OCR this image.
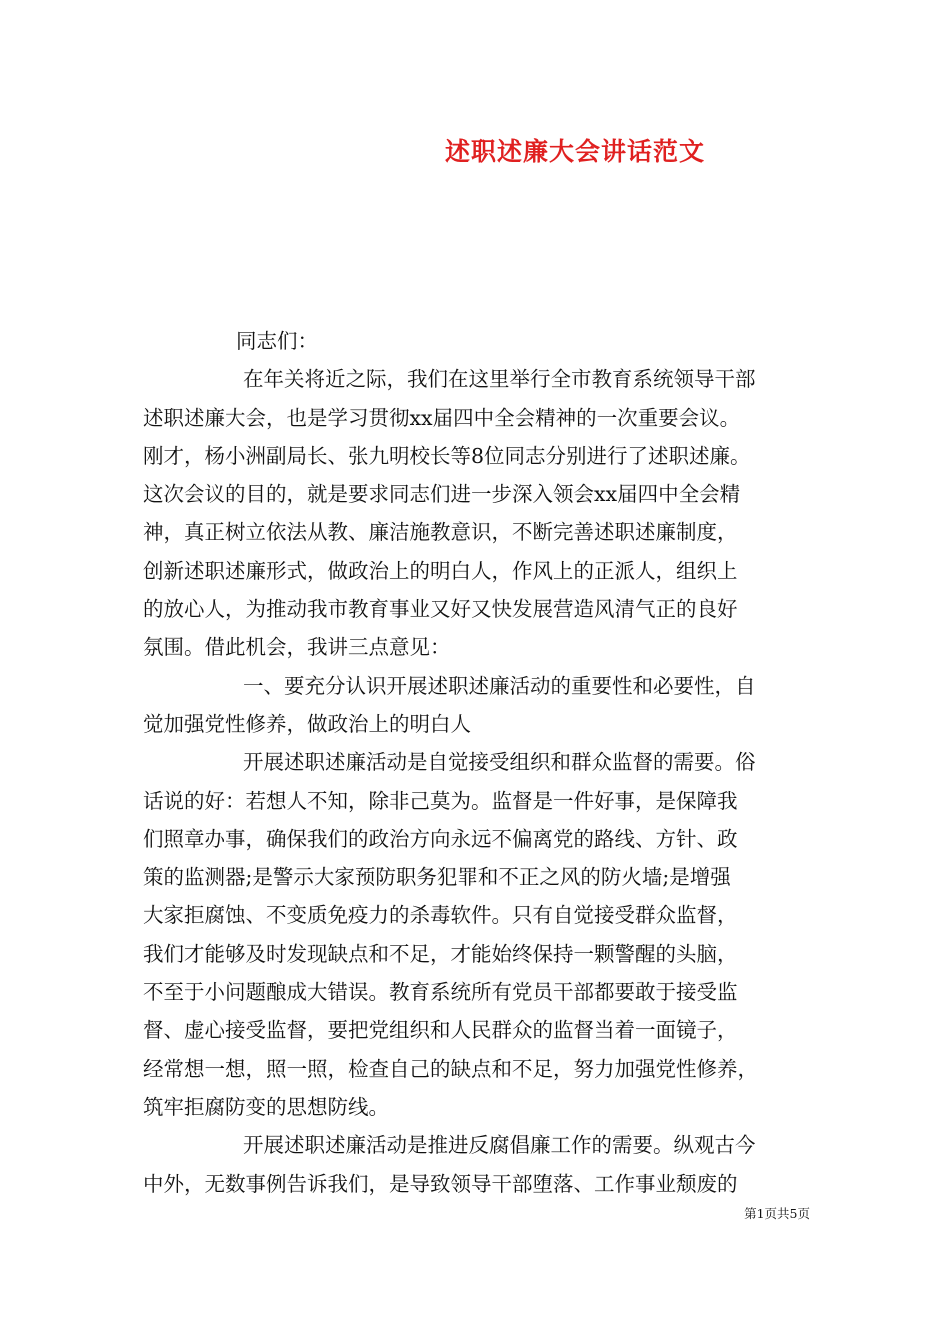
述职述廉大会讲话范文
同志们：
在年关将近之际，我们在这里举行全市教育系统领导干部
述职述廉大会，也是学习贯彻xx届四中全会精神的一次重要会议。
刚才，杨小洲副局长、张九明校长等8位同志分别进行了述职述廉。
这次会议的目的，就是要求同志们进一步深入领会xx届四中全会精
神，真正树立依法从教、廉洁施教意识，不断完善述职述廉制度，
创新述职述廉形式，做政治上的明白人，作风上的正派人，组织上
的放心人，为推动我市教育事业又好又快发展营造风清气正的良好
氛围。借此机会，我讲三点意见：
一、要充分认识开展述职述廉活动的重要性和必要性，自
觉加强党性修养，做政治上的明白人
开展述职述廉活动是自觉接受组织和群众监督的需要。俗
话说的好：若想人不知，除非己莫为。监督是一件好事，是保障我
们照章办事，确保我们的政治方向永远不偏离党的路线、方针、政
策的监测器;是警示大家预防职务犯罪和不正之风的防火墙;是增强
大家拒腐蚀、不变质免疫力的杀毒软件。只有自觉接受群众监督，
我们才能够及时发现缺点和不足，才能始终保持一颗警醒的头脑，
不至于小问题酿成大错误。教育系统所有党员干部都要敢于接受监
督、虚心接受监督，要把党组织和人民群众的监督当着一面镜子，
经常想一想，照一照，检查自己的缺点和不足，努力加强党性修养，
筑牢拒腐防变的思想防线。
开展述职述廉活动是推进反腐倡廉工作的需要。纵观古今
中外，无数事例告诉我们，是导致领导干部堕落、工作事业颓废的
第1页共5页
